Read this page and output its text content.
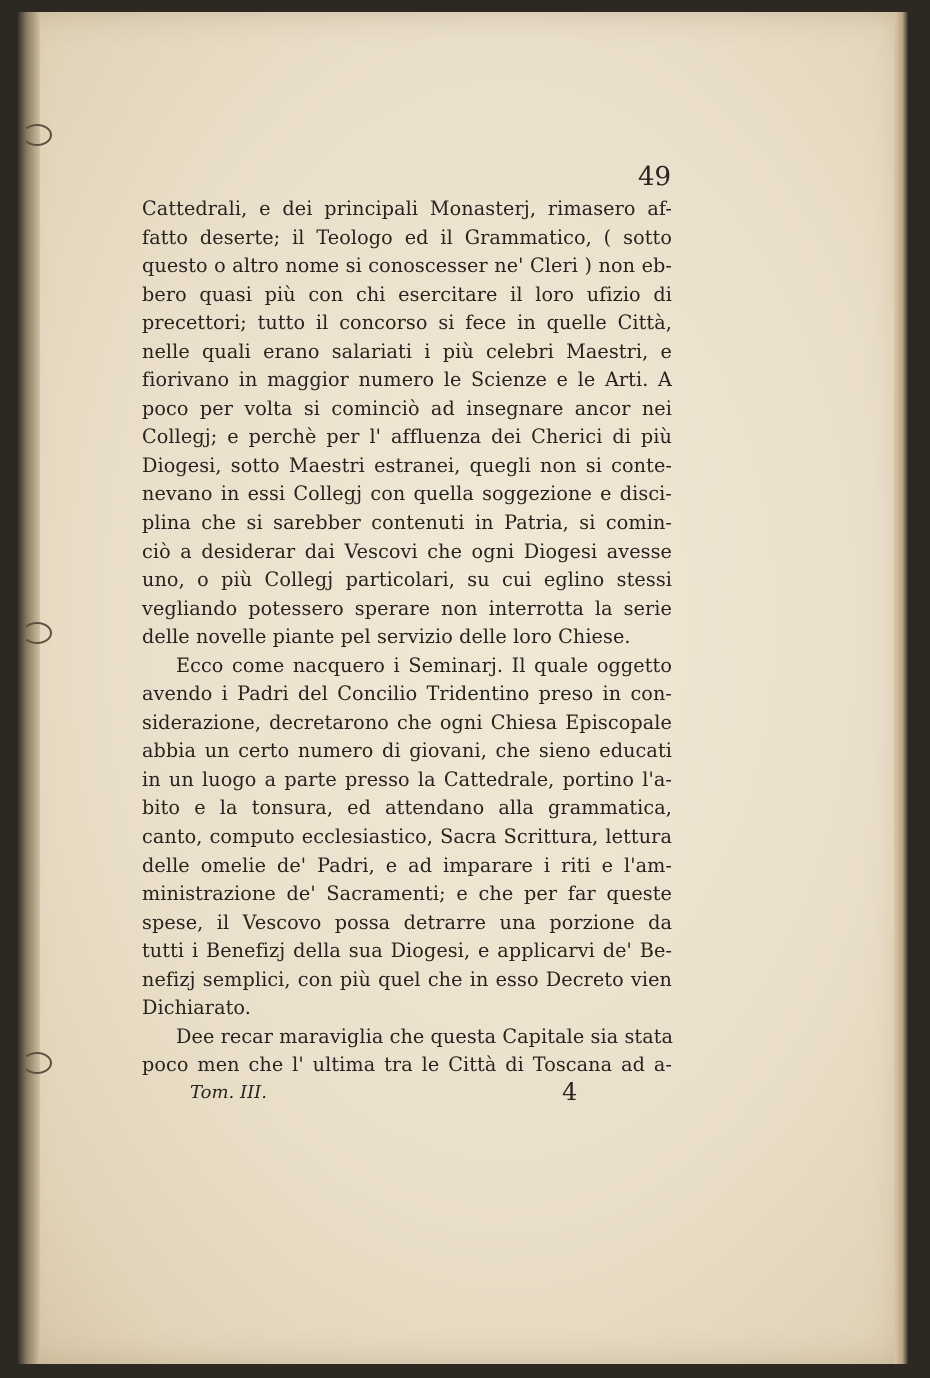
49
Cattedrali, e dei principali Monasterj, rimasero af-
fatto deserte; il Teologo ed il Grammatico, ( sotto
questo o altro nome si conoscesser ne' Cleri ) non eb-
bero quasi più con chi esercitare il loro ufizio di
precettori; tutto il concorso si fece in quelle Città,
nelle quali erano salariati i più celebri Maestri, e
fiorivano in maggior numero le Scienze e le Arti. A
poco per volta si cominciò ad insegnare ancor nei
Collegj; e perchè per l' affluenza dei Cherici di più
Diogesi, sotto Maestri estranei, quegli non si conte-
nevano in essi Collegj con quella soggezione e disci-
plina che si sarebber contenuti in Patria, si comin-
ciò a desiderar dai Vescovi che ogni Diogesi avesse
uno, o più Collegj particolari, su cui eglino stessi
vegliando potessero sperare non interrotta la serie
delle novelle piante pel servizio delle loro Chiese.
Ecco come nacquero i Seminarj. Il quale oggetto
avendo i Padri del Concilio Tridentino preso in con-
siderazione, decretarono che ogni Chiesa Episcopale
abbia un certo numero di giovani, che sieno educati
in un luogo a parte presso la Cattedrale, portino l'a-
bito e la tonsura, ed attendano alla grammatica,
canto, computo ecclesiastico, Sacra Scrittura, lettura
delle omelie de' Padri, e ad imparare i riti e l'am-
ministrazione de' Sacramenti; e che per far queste
spese, il Vescovo possa detrarre una porzione da
tutti i Benefizj della sua Diogesi, e applicarvi de' Be-
nefizj semplici, con più quel che in esso Decreto vien
Dichiarato.
Dee recar maraviglia che questa Capitale sia stata
poco men che l' ultima tra le Città di Toscana ad a-
Tom. III.	4
